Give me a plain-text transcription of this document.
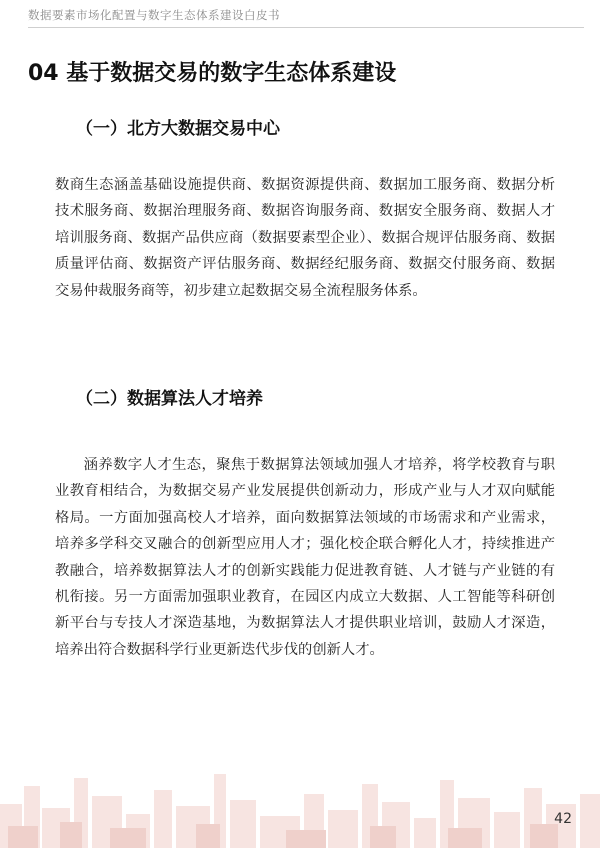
数据要素市场化配置与数字生态体系建设白皮书
04 基于数据交易的数字生态体系建设
（一）北方大数据交易中心
数商生态涵盖基础设施提供商、数据资源提供商、数据加工服务商、数据分析技术服务商、数据治理服务商、数据咨询服务商、数据安全服务商、数据人才培训服务商、数据产品供应商（数据要素型企业）、数据合规评估服务商、数据质量评估商、数据资产评估服务商、数据经纪服务商、数据交付服务商、数据交易仲裁服务商等，初步建立起数据交易全流程服务体系。
（二）数据算法人才培养
涵养数字人才生态，聚焦于数据算法领域加强人才培养，将学校教育与职业教育相结合，为数据交易产业发展提供创新动力，形成产业与人才双向赋能格局。一方面加强高校人才培养，面向数据算法领域的市场需求和产业需求，培养多学科交叉融合的创新型应用人才；强化校企联合孵化人才，持续推进产教融合，培养数据算法人才的创新实践能力促进教育链、人才链与产业链的有机衔接。另一方面需加强职业教育，在园区内成立大数据、人工智能等科研创新平台与专技人才深造基地，为数据算法人才提供职业培训，鼓励人才深造，培养出符合数据科学行业更新迭代步伐的创新人才。
42
